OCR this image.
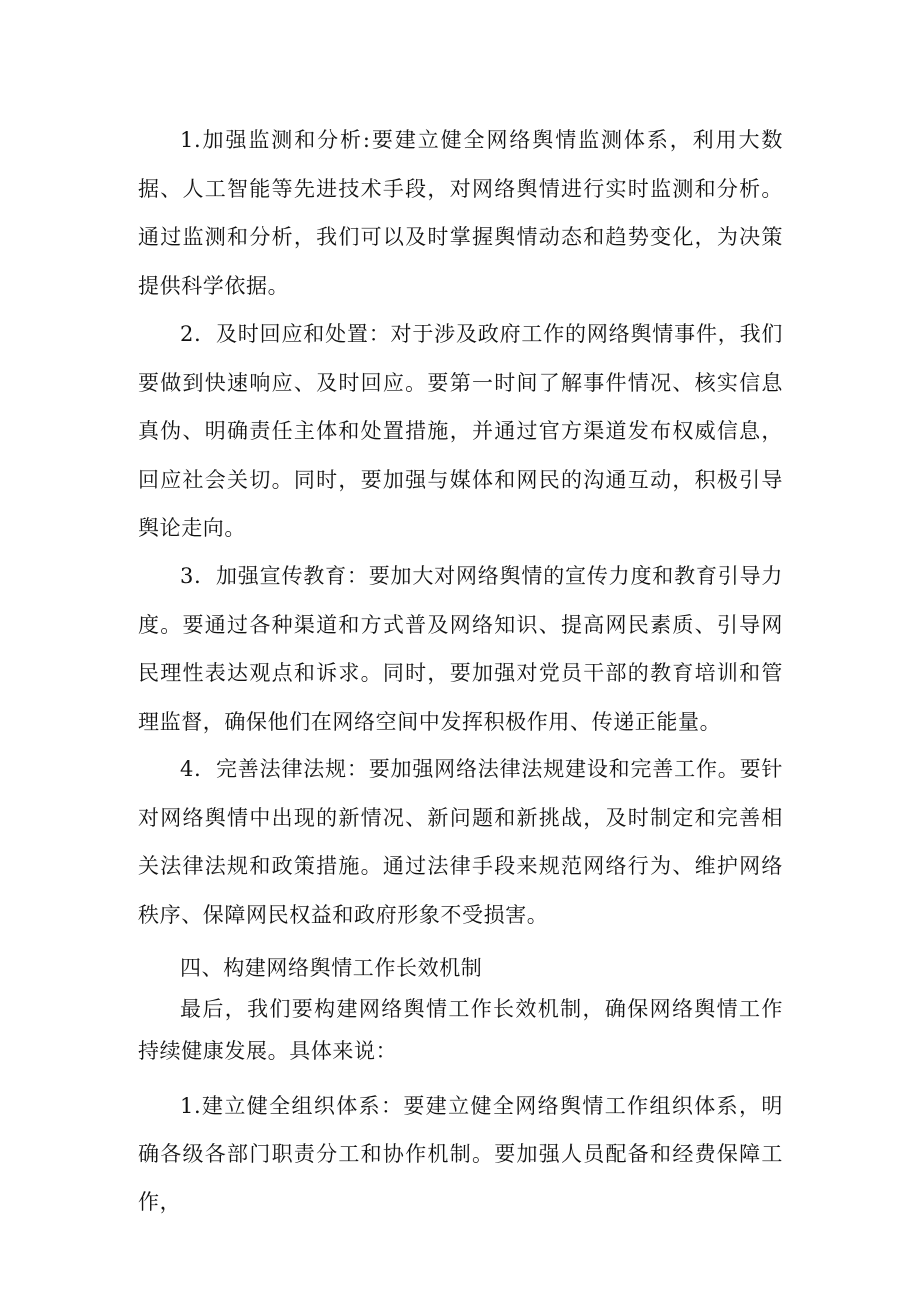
1.加强监测和分析:要建立健全网络舆情监测体系，利用大数据、人工智能等先进技术手段，对网络舆情进行实时监测和分析。通过监测和分析，我们可以及时掌握舆情动态和趋势变化，为决策提供科学依据。

2．及时回应和处置：对于涉及政府工作的网络舆情事件，我们要做到快速响应、及时回应。要第一时间了解事件情况、核实信息真伪、明确责任主体和处置措施，并通过官方渠道发布权威信息，回应社会关切。同时，要加强与媒体和网民的沟通互动，积极引导舆论走向。

3．加强宣传教育：要加大对网络舆情的宣传力度和教育引导力度。要通过各种渠道和方式普及网络知识、提高网民素质、引导网民理性表达观点和诉求。同时，要加强对党员干部的教育培训和管理监督，确保他们在网络空间中发挥积极作用、传递正能量。

4．完善法律法规：要加强网络法律法规建设和完善工作。要针对网络舆情中出现的新情况、新问题和新挑战，及时制定和完善相关法律法规和政策措施。通过法律手段来规范网络行为、维护网络秩序、保障网民权益和政府形象不受损害。

四、构建网络舆情工作长效机制

最后，我们要构建网络舆情工作长效机制，确保网络舆情工作持续健康发展。具体来说：

1.建立健全组织体系：要建立健全网络舆情工作组织体系，明确各级各部门职责分工和协作机制。要加强人员配备和经费保障工作，
